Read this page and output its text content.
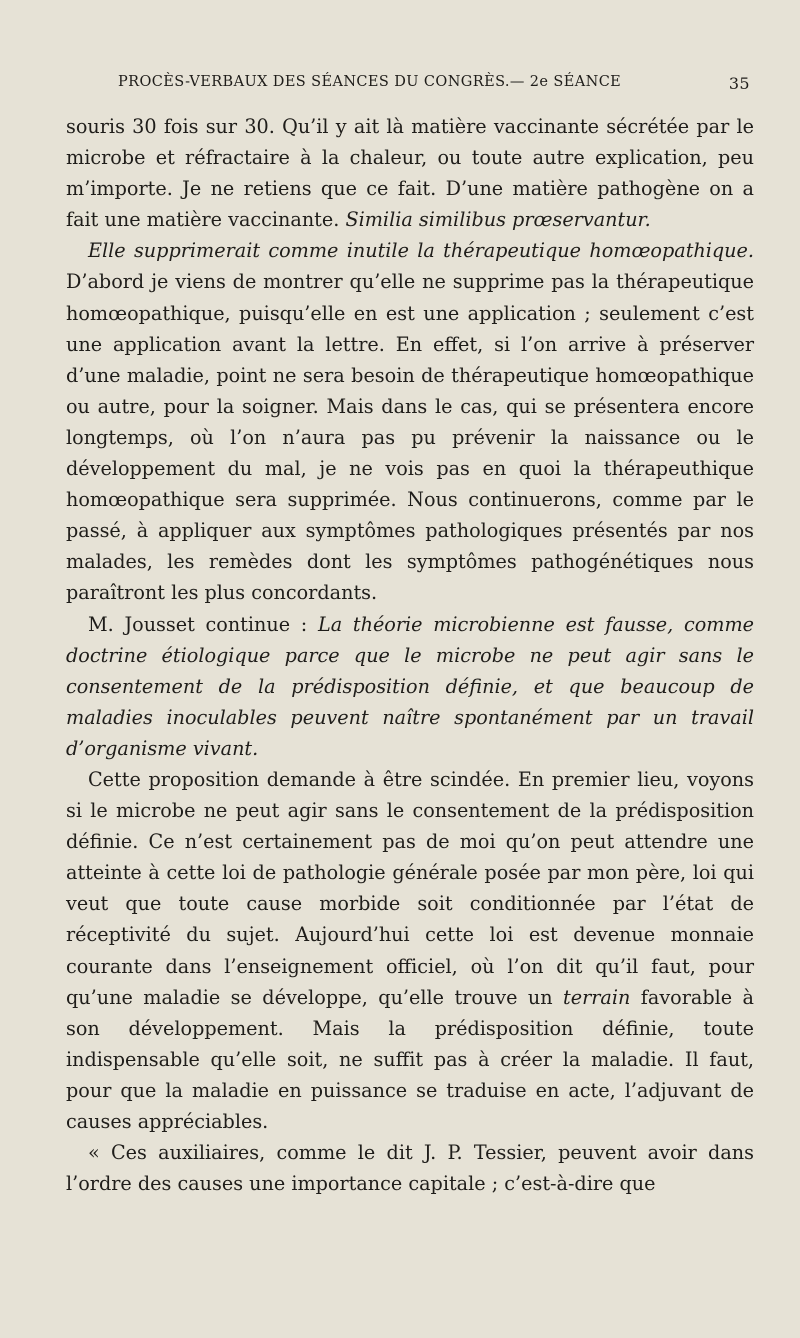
PROCÈS-VERBAUX DES SÉANCES DU CONGRÈS.— 2e SÉANCE	35

souris 30 fois sur 30. Qu’il y ait là matière vaccinante sécrétée par le microbe et réfractaire à la chaleur, ou toute autre explication, peu m’importe. Je ne retiens que ce fait. D’une matière pathogène on a fait une matière vaccinante. Similia similibus prœservantur.

Elle supprimerait comme inutile la thérapeutique homœopathique. D’abord je viens de montrer qu’elle ne supprime pas la thérapeutique homœopathique, puisqu’elle en est une application ; seulement c’est une application avant la lettre. En effet, si l’on arrive à préserver d’une maladie, point ne sera besoin de thérapeutique homœopathique ou autre, pour la soigner. Mais dans le cas, qui se présentera encore longtemps, où l’on n’aura pas pu prévenir la naissance ou le développement du mal, je ne vois pas en quoi la thérapeuthique homœopathique sera supprimée. Nous continuerons, comme par le passé, à appliquer aux symptômes pathologiques présentés par nos malades, les remèdes dont les symptômes pathogénétiques nous paraîtront les plus concordants.

M. Jousset continue : La théorie microbienne est fausse, comme doctrine étiologique parce que le microbe ne peut agir sans le consentement de la prédisposition définie, et que beaucoup de maladies inoculables peuvent naître spontanément par un travail d’organisme vivant.

Cette proposition demande à être scindée. En premier lieu, voyons si le microbe ne peut agir sans le consentement de la prédisposition définie. Ce n’est certainement pas de moi qu’on peut attendre une atteinte à cette loi de pathologie générale posée par mon père, loi qui veut que toute cause morbide soit conditionnée par l’état de réceptivité du sujet. Aujourd’hui cette loi est devenue monnaie courante dans l’enseignement officiel, où l’on dit qu’il faut, pour qu’une maladie se développe, qu’elle trouve un terrain favorable à son développement. Mais la prédisposition définie, toute indispensable qu’elle soit, ne suffit pas à créer la maladie. Il faut, pour que la maladie en puissance se traduise en acte, l’adjuvant de causes appréciables.

« Ces auxiliaires, comme le dit J. P. Tessier, peuvent avoir dans l’ordre des causes une importance capitale ; c’est-à-dire que
